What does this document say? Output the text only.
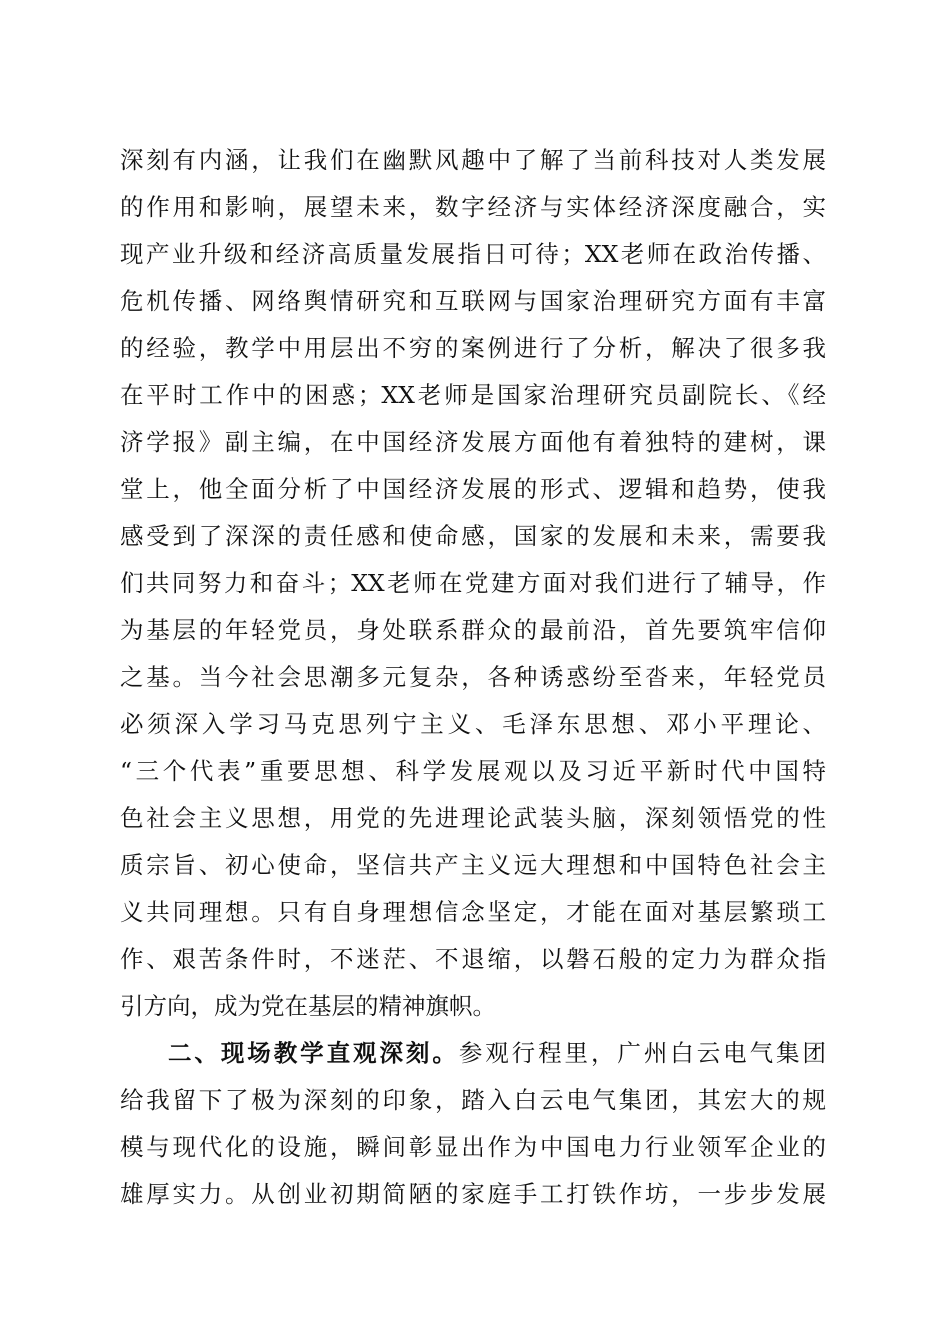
深刻有内涵，让我们在幽默风趣中了解了当前科技对人类发展
的作用和影响，展望未来，数字经济与实体经济深度融合，实
现产业升级和经济高质量发展指日可待；XX老师在政治传播、
危机传播、网络舆情研究和互联网与国家治理研究方面有丰富
的经验，教学中用层出不穷的案例进行了分析，解决了很多我
在平时工作中的困惑；XX老师是国家治理研究员副院长、《经
济学报》副主编，在中国经济发展方面他有着独特的建树，课
堂上，他全面分析了中国经济发展的形式、逻辑和趋势，使我
感受到了深深的责任感和使命感，国家的发展和未来，需要我
们共同努力和奋斗；XX老师在党建方面对我们进行了辅导，作
为基层的年轻党员，身处联系群众的最前沿，首先要筑牢信仰
之基。当今社会思潮多元复杂，各种诱惑纷至沓来，年轻党员
必须深入学习马克思列宁主义、毛泽东思想、邓小平理论、
“三个代表”重要思想、科学发展观以及习近平新时代中国特
色社会主义思想，用党的先进理论武装头脑，深刻领悟党的性
质宗旨、初心使命，坚信共产主义远大理想和中国特色社会主
义共同理想。只有自身理想信念坚定，才能在面对基层繁琐工
作、艰苦条件时，不迷茫、不退缩，以磐石般的定力为群众指
引方向，成为党在基层的精神旗帜。
二、现场教学直观深刻。参观行程里，广州白云电气集团
给我留下了极为深刻的印象，踏入白云电气集团，其宏大的规
模与现代化的设施，瞬间彰显出作为中国电力行业领军企业的
雄厚实力。从创业初期简陋的家庭手工打铁作坊，一步步发展
